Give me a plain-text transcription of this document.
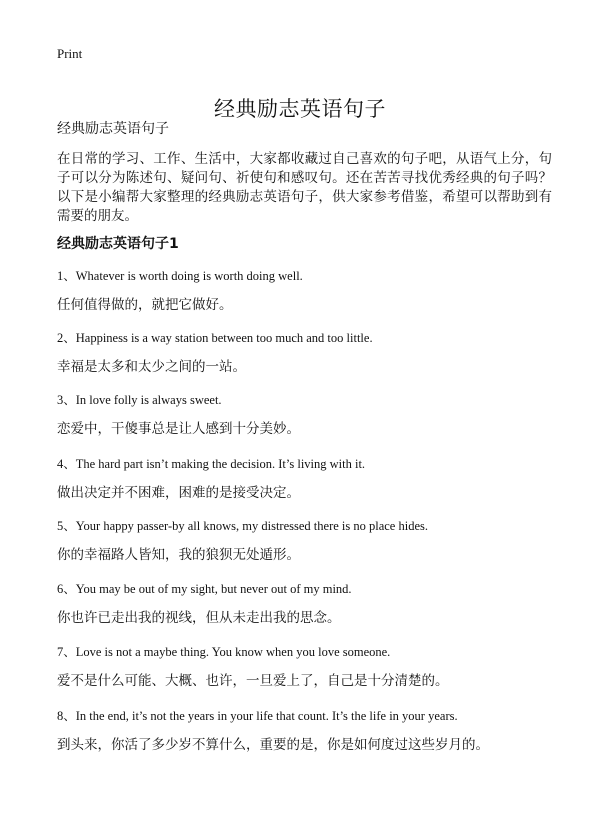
Print
经典励志英语句子
经典励志英语句子

在日常的学习、工作、生活中，大家都收藏过自己喜欢的句子吧，从语气上分，句子可以分为陈述句、疑问句、祈使句和感叹句。还在苦苦寻找优秀经典的句子吗？以下是小编帮大家整理的经典励志英语句子，供大家参考借鉴，希望可以帮助到有需要的朋友。

经典励志英语句子1
1、Whatever is worth doing is worth doing well.
任何值得做的，就把它做好。
2、Happiness is a way station between too much and too little.
幸福是太多和太少之间的一站。
3、In love folly is always sweet.
恋爱中，干傻事总是让人感到十分美妙。
4、The hard part isn’t making the decision. It’s living with it.
做出决定并不困难，困难的是接受决定。
5、Your happy passer-by all knows, my distressed there is no place hides.
你的幸福路人皆知，我的狼狈无处遁形。
6、You may be out of my sight, but never out of my mind.
你也许已走出我的视线，但从未走出我的思念。
7、Love is not a maybe thing. You know when you love someone.
爱不是什么可能、大概、也许，一旦爱上了，自己是十分清楚的。
8、In the end, it’s not the years in your life that count. It’s the life in your years.
到头来，你活了多少岁不算什么，重要的是，你是如何度过这些岁月的。
